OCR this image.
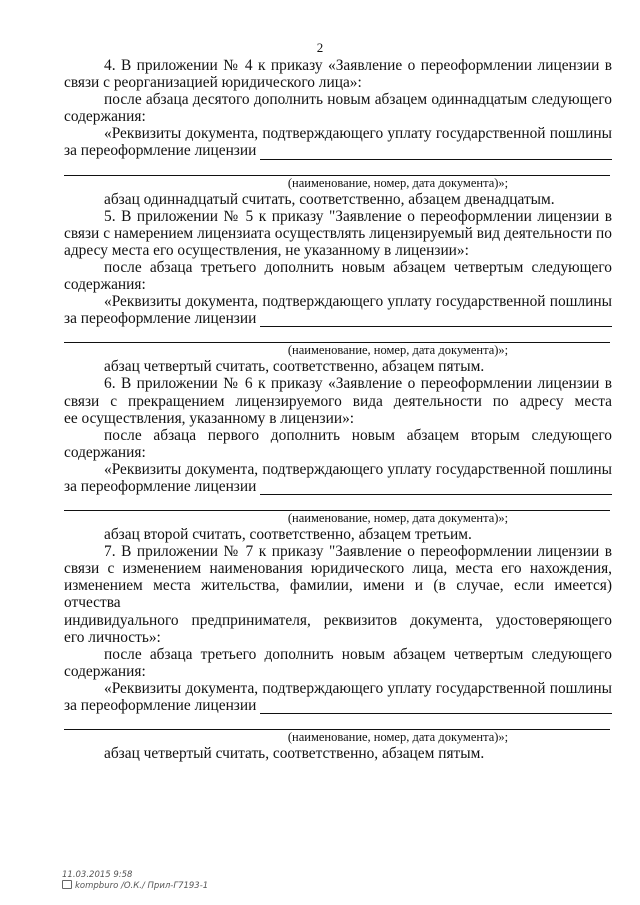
2

4. В приложении № 4 к приказу «Заявление о переоформлении лицензии в

связи с реорганизацией юридического лица»:

после абзаца десятого дополнить новым абзацем одиннадцатым следующего

содержания:

«Реквизиты документа, подтверждающего уплату государственной пошлины

за переоформление лицензии

(наименование, номер, дата документа)»;

абзац одиннадцатый считать, соответственно, абзацем двенадцатым.

5. В приложении № 5 к приказу "Заявление о переоформлении лицензии в

связи с намерением лицензиата осуществлять лицензируемый вид деятельности по

адресу места его осуществления, не указанному в лицензии»:

после абзаца третьего дополнить новым абзацем четвертым следующего

содержания:

«Реквизиты документа, подтверждающего уплату государственной пошлины

за переоформление лицензии

(наименование, номер, дата документа)»;

абзац четвертый считать, соответственно, абзацем пятым.

6. В приложении № 6 к приказу «Заявление о переоформлении лицензии в

связи с прекращением лицензируемого вида деятельности по адресу места

ее осуществления, указанному в лицензии»:

после абзаца первого дополнить новым абзацем вторым следующего

содержания:

«Реквизиты документа, подтверждающего уплату государственной пошлины

за переоформление лицензии

(наименование, номер, дата документа)»;

абзац второй считать, соответственно, абзацем третьим.

7. В приложении № 7 к приказу "Заявление о переоформлении лицензии в

связи с изменением наименования юридического лица, места его нахождения,

изменением места жительства, фамилии, имени и (в случае, если имеется) отчества

индивидуального предпринимателя, реквизитов документа, удостоверяющего

его личность»:

после абзаца третьего дополнить новым абзацем четвертым следующего

содержания:

«Реквизиты документа, подтверждающего уплату государственной пошлины

за переоформление лицензии

(наименование, номер, дата документа)»;

абзац четвертый считать, соответственно, абзацем пятым.

11.03.2015 9:58
kompburo /О.К./ Прил-Г7193-1
